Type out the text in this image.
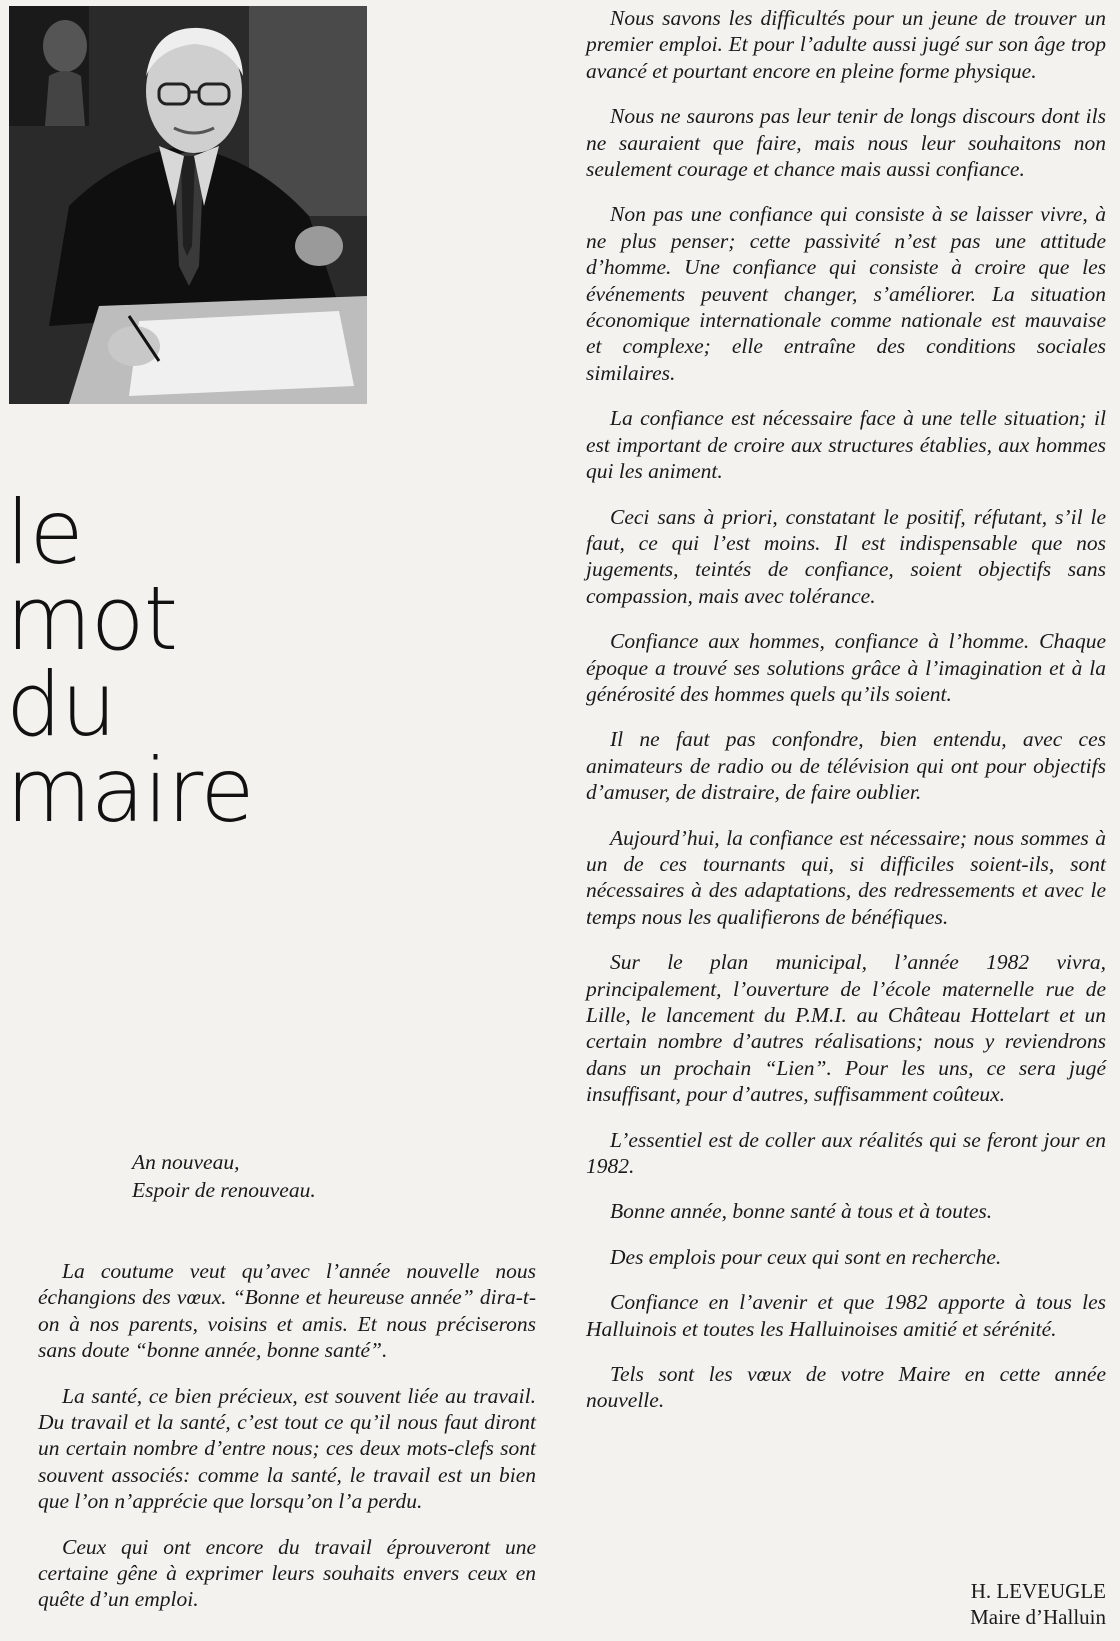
le
mot
du
maire
An nouveau,
Espoir de renouveau.

La coutume veut qu’avec l’année nouvelle nous échangions des vœux. “Bonne et heureuse année” dira-t-on à nos parents, voisins et amis. Et nous préciserons sans doute “bonne année, bonne santé”.

La santé, ce bien précieux, est souvent liée au travail. Du travail et la santé, c’est tout ce qu’il nous faut diront un certain nombre d’entre nous; ces deux mots-clefs sont souvent associés: comme la santé, le travail est un bien que l’on n’apprécie que lorsqu’on l’a perdu.

Ceux qui ont encore du travail éprouveront une certaine gêne à exprimer leurs souhaits envers ceux en quête d’un emploi.

Nous savons les difficultés pour un jeune de trouver un premier emploi. Et pour l’adulte aussi jugé sur son âge trop avancé et pourtant encore en pleine forme physique.

Nous ne saurons pas leur tenir de longs discours dont ils ne sauraient que faire, mais nous leur souhaitons non seulement courage et chance mais aussi confiance.

Non pas une confiance qui consiste à se laisser vivre, à ne plus penser; cette passivité n’est pas une attitude d’homme. Une confiance qui consiste à croire que les événements peuvent changer, s’améliorer. La situation économique internationale comme nationale est mauvaise et complexe; elle entraîne des conditions sociales similaires.

La confiance est nécessaire face à une telle situation; il est important de croire aux structures établies, aux hommes qui les animent.

Ceci sans à priori, constatant le positif, réfutant, s’il le faut, ce qui l’est moins. Il est indispensable que nos jugements, teintés de confiance, soient objectifs sans compassion, mais avec tolérance.

Confiance aux hommes, confiance à l’homme. Chaque époque a trouvé ses solutions grâce à l’imagination et à la générosité des hommes quels qu’ils soient.

Il ne faut pas confondre, bien entendu, avec ces animateurs de radio ou de télévision qui ont pour objectifs d’amuser, de distraire, de faire oublier.

Aujourd’hui, la confiance est nécessaire; nous sommes à un de ces tournants qui, si difficiles soient-ils, sont nécessaires à des adaptations, des redressements et avec le temps nous les qualifierons de bénéfiques.

Sur le plan municipal, l’année 1982 vivra, principalement, l’ouverture de l’école maternelle rue de Lille, le lancement du P.M.I. au Château Hottelart et un certain nombre d’autres réalisations; nous y reviendrons dans un prochain “Lien”. Pour les uns, ce sera jugé insuffisant, pour d’autres, suffisamment coûteux.

L’essentiel est de coller aux réalités qui se feront jour en 1982.

Bonne année, bonne santé à tous et à toutes.

Des emplois pour ceux qui sont en recherche.

Confiance en l’avenir et que 1982 apporte à tous les Halluinois et toutes les Halluinoises amitié et sérénité.

Tels sont les vœux de votre Maire en cette année nouvelle.

H. LEVEUGLE
Maire d’Halluin
